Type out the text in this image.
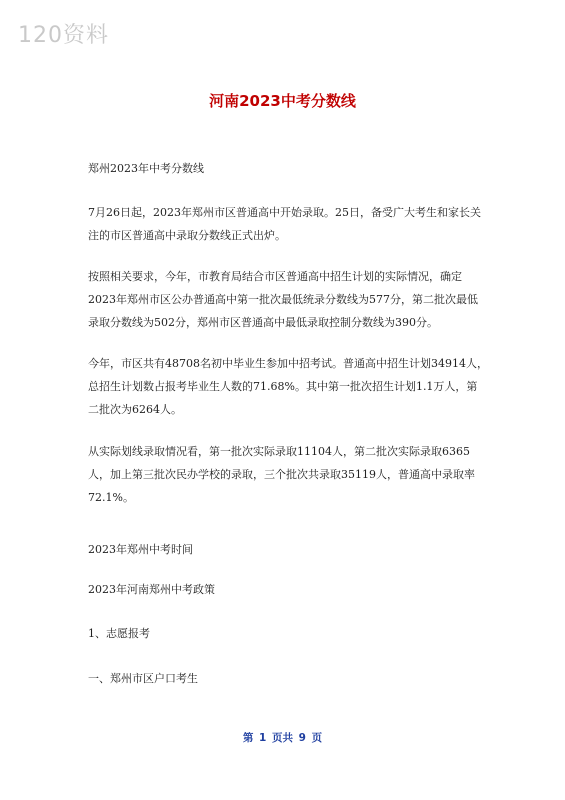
120资料
河南2023中考分数线

郑州2023年中考分数线

7月26日起，2023年郑州市区普通高中开始录取。25日，备受广大考生和家长关注的市区普通高中录取分数线正式出炉。

按照相关要求，今年，市教育局结合市区普通高中招生计划的实际情况，确定2023年郑州市区公办普通高中第一批次最低统录分数线为577分，第二批次最低录取分数线为502分，郑州市区普通高中最低录取控制分数线为390分。

今年，市区共有48708名初中毕业生参加中招考试。普通高中招生计划34914人，总招生计划数占报考毕业生人数的71.68%。其中第一批次招生计划1.1万人，第二批次为6264人。

从实际划线录取情况看，第一批次实际录取11104人，第二批次实际录取6365人，加上第三批次民办学校的录取，三个批次共录取35119人，普通高中录取率72.1%。

2023年郑州中考时间

2023年河南郑州中考政策

1、志愿报考

一、郑州市区户口考生

第 1 页共 9 页
